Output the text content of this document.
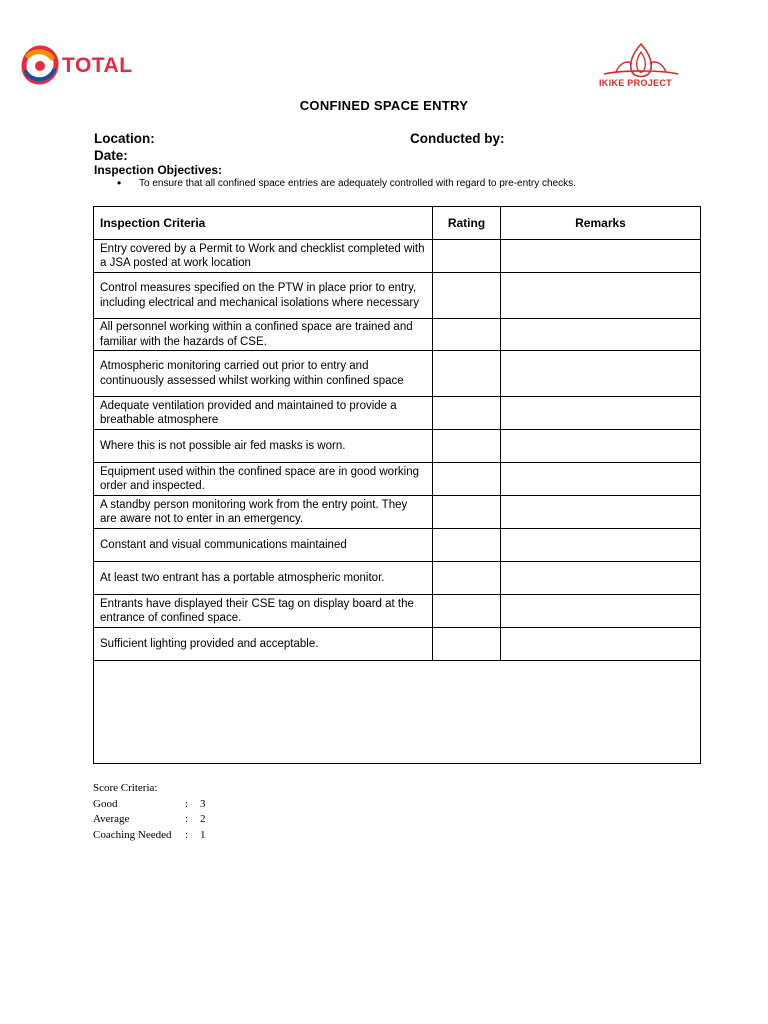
TOTAL
IKIKE PROJECT
CONFINED SPACE ENTRY
Location:	Conducted by:
Date:
Inspection Objectives:
• To ensure that all confined space entries are adequately controlled with regard to pre-entry checks.
Inspection Criteria	Rating	Remarks
Entry covered by a Permit to Work and checklist completed with a JSA posted at work location		
Control measures specified on the PTW in place prior to entry, including electrical and mechanical isolations where necessary		
All personnel working within a confined space are trained and familiar with the hazards of CSE.		
Atmospheric monitoring carried out prior to entry and continuously assessed whilst working within confined space		
Adequate ventilation provided and maintained to provide a breathable atmosphere		
Where this is not possible air fed masks is worn.		
Equipment used within the confined space are in good working order and inspected.		
A standby person monitoring work from the entry point. They are aware not to enter in an emergency.		
Constant and visual communications maintained		
At least two entrant has a portable atmospheric monitor.		
Entrants have displayed their CSE tag on display board at the entrance of confined space.		
Sufficient lighting provided and acceptable.		

Score Criteria:
Good	: 3
Average	: 2
Coaching Needed : 1
